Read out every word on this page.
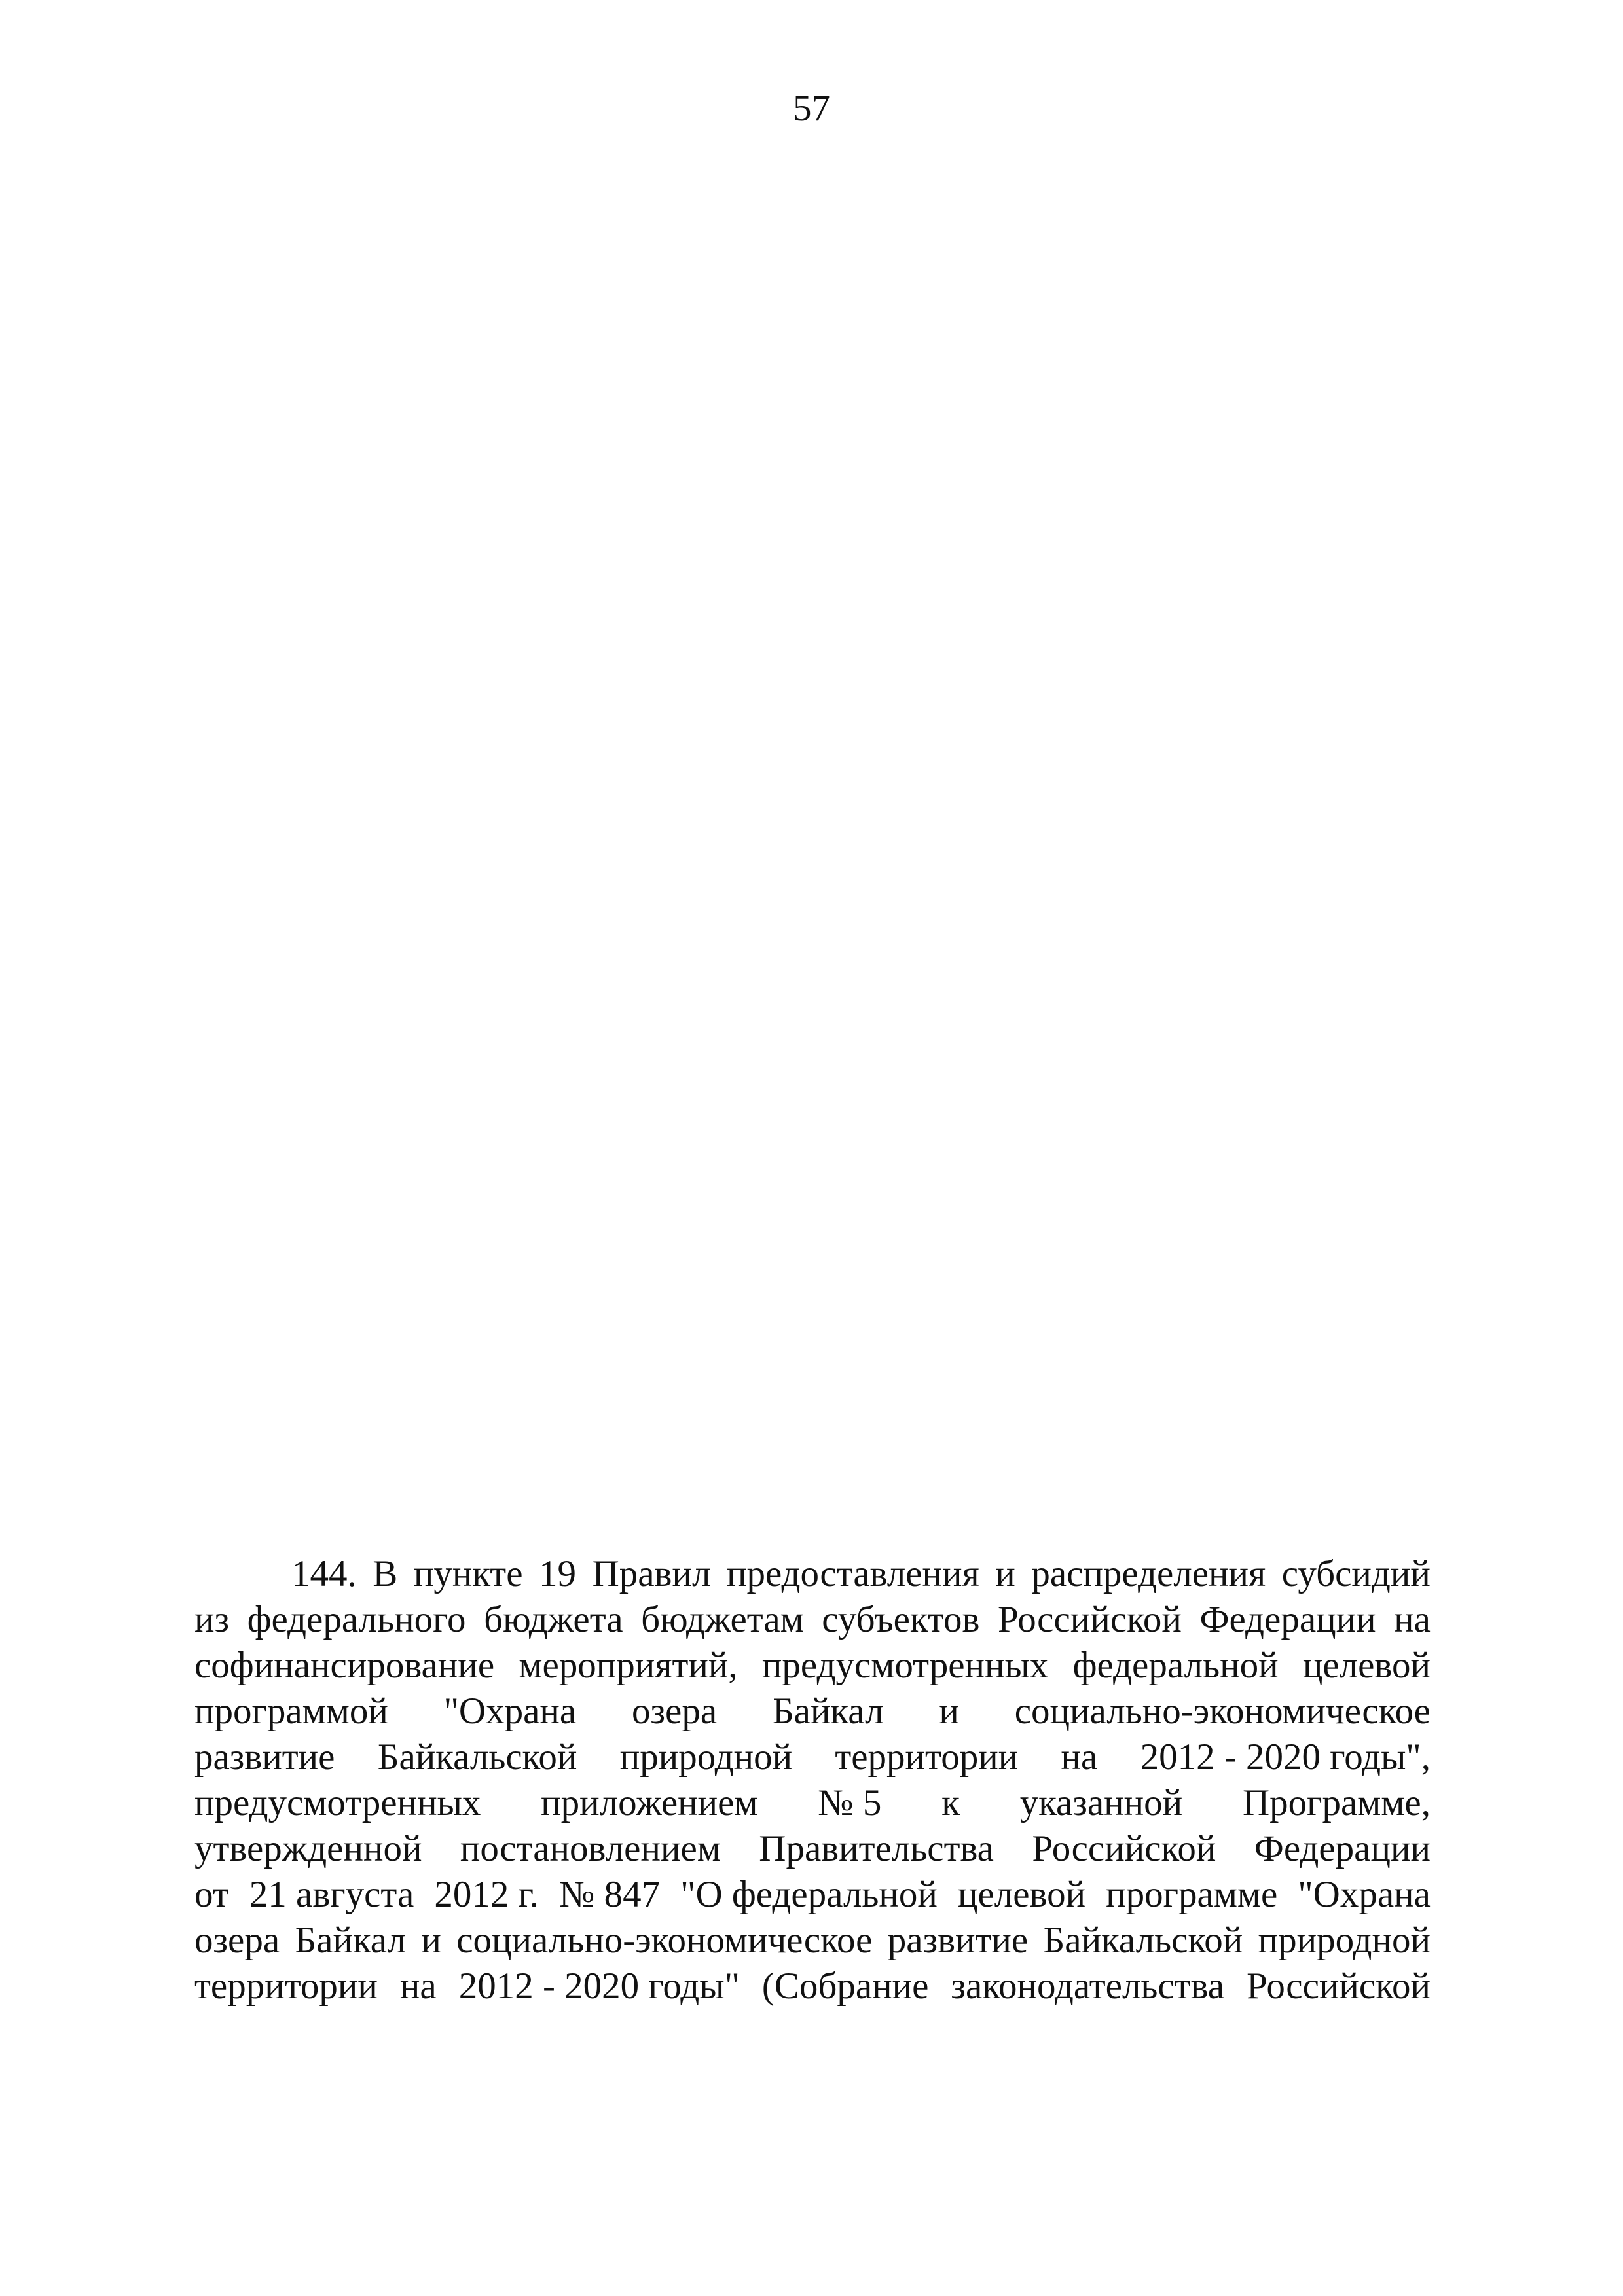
57
144. В пункте 19 Правил предоставления и распределения субсидий
из федерального бюджета бюджетам субъектов Российской Федерации на
софинансирование мероприятий, предусмотренных федеральной целевой
программой "Охрана озера Байкал и социально-экономическое
развитие Байкальской природной территории на 2012 - 2020 годы",
предусмотренных приложением № 5 к указанной Программе,
утвержденной постановлением Правительства Российской Федерации
от 21 августа 2012 г. № 847 "О федеральной целевой программе "Охрана
озера Байкал и социально-экономическое развитие Байкальской природной
территории на 2012 - 2020 годы" (Собрание законодательства Российской
